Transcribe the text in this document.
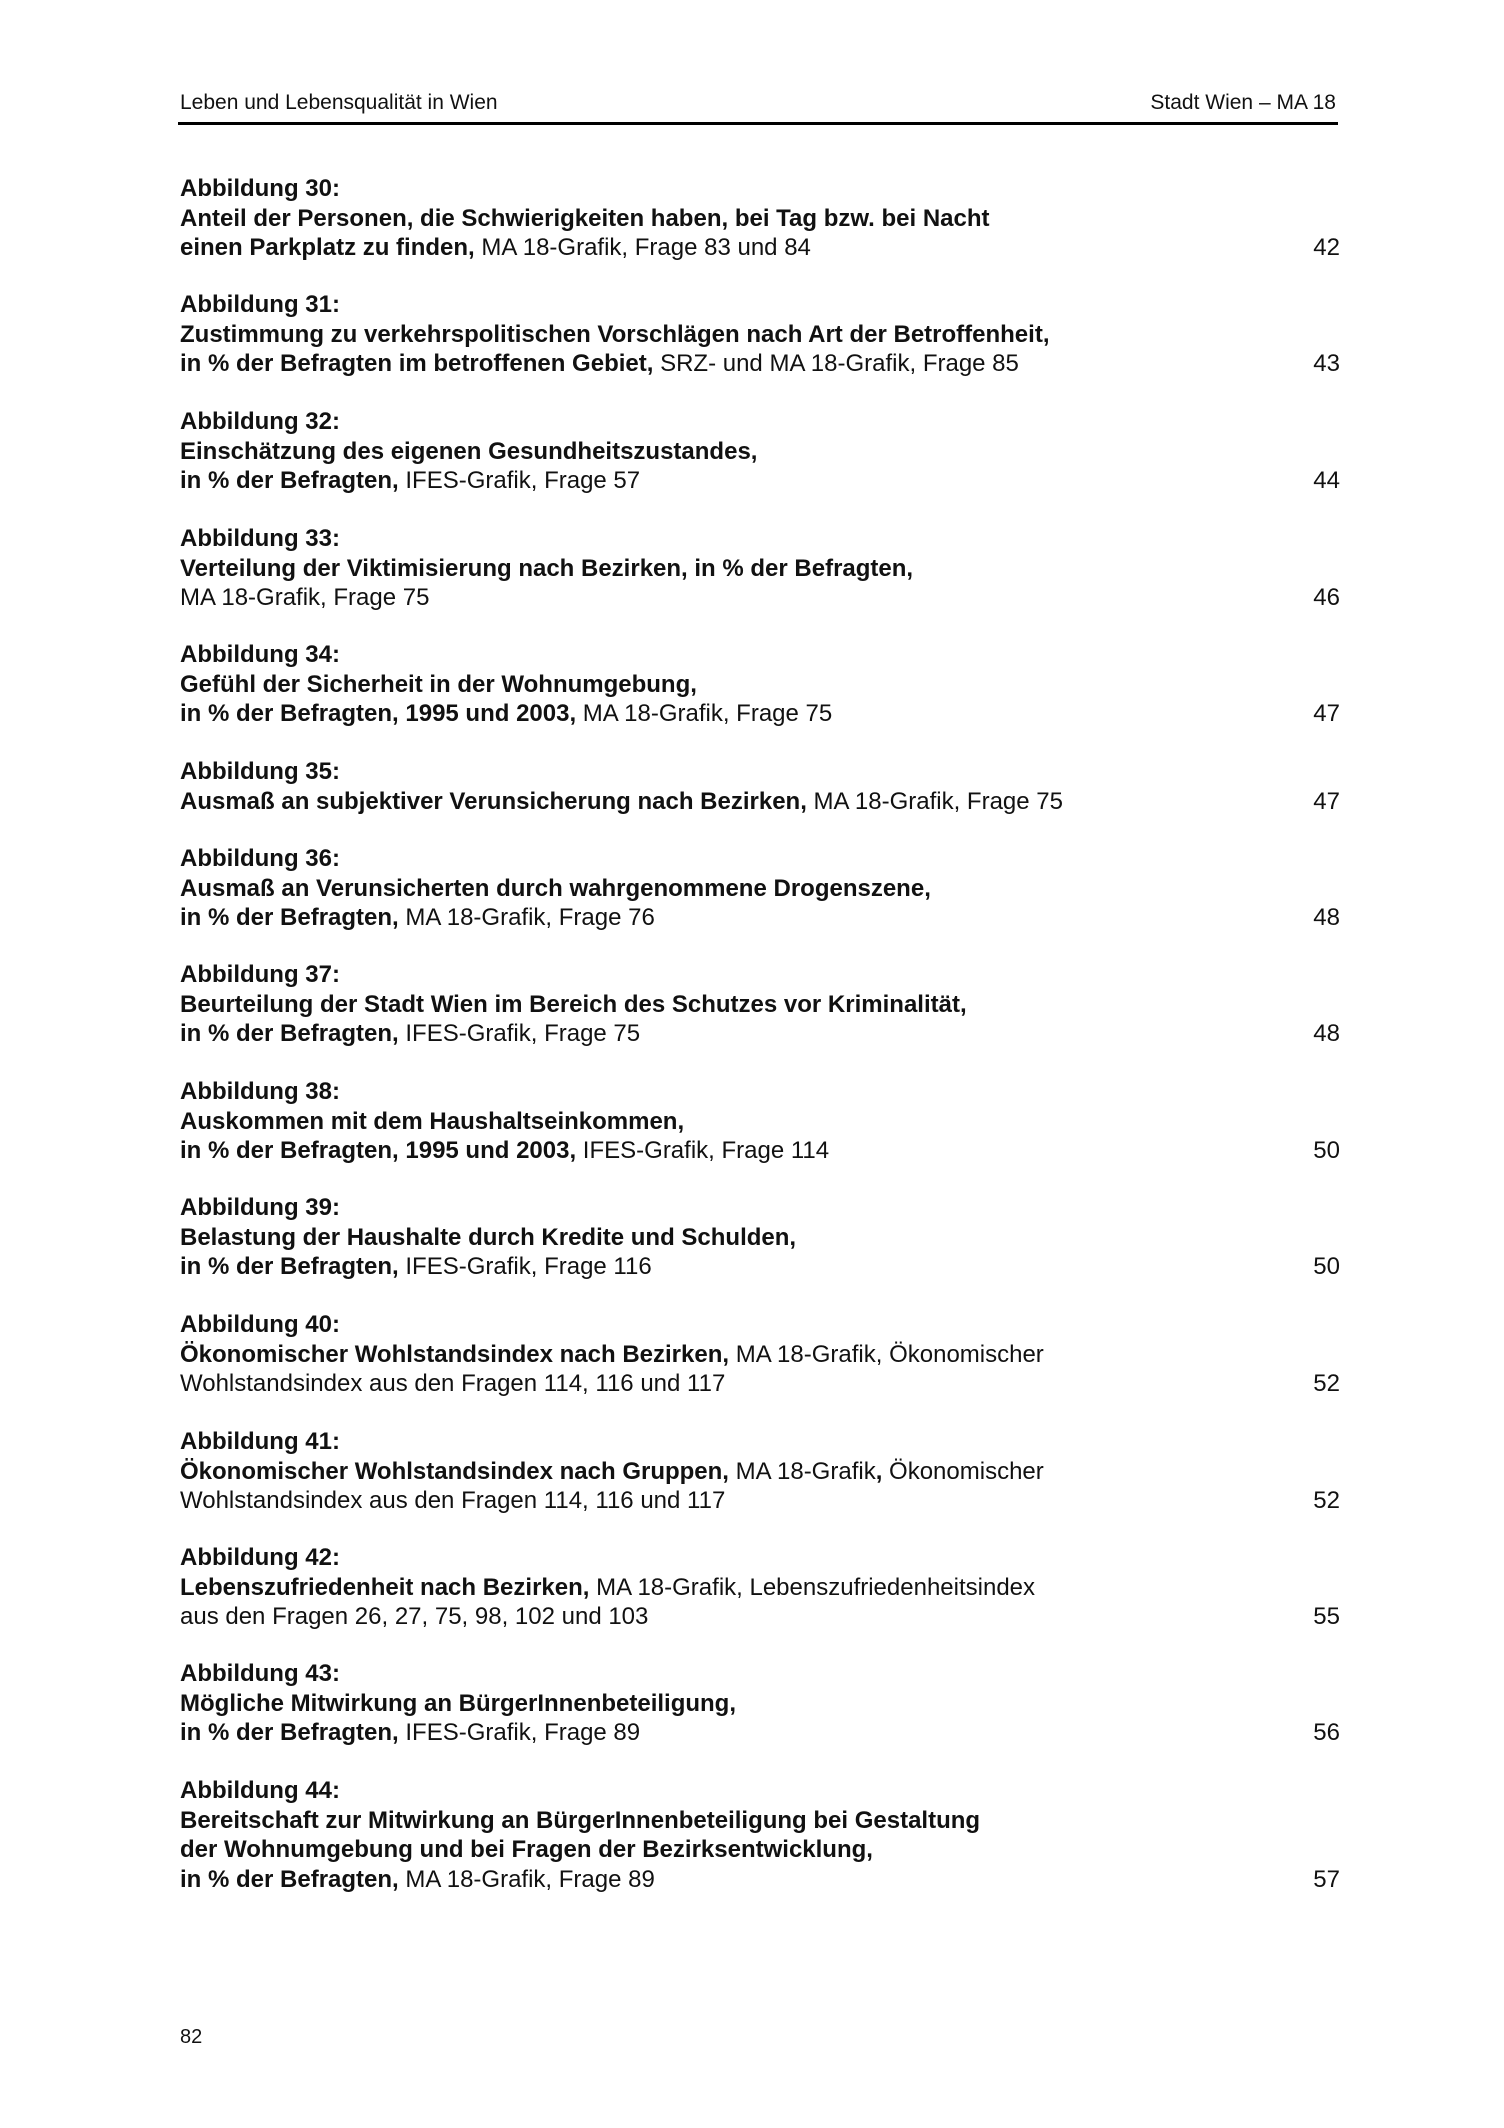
Leben und Lebensqualität in Wien	Stadt Wien – MA 18
Abbildung 30:
Anteil der Personen, die Schwierigkeiten haben, bei Tag bzw. bei Nacht
einen Parkplatz zu finden, MA 18-Grafik, Frage 83 und 84	42
Abbildung 31:
Zustimmung zu verkehrspolitischen Vorschlägen nach Art der Betroffenheit,
in % der Befragten im betroffenen Gebiet, SRZ- und MA 18-Grafik, Frage 85	43
Abbildung 32:
Einschätzung des eigenen Gesundheitszustandes,
in % der Befragten, IFES-Grafik, Frage 57	44
Abbildung 33:
Verteilung der Viktimisierung nach Bezirken, in % der Befragten,
MA 18-Grafik, Frage 75	46
Abbildung 34:
Gefühl der Sicherheit in der Wohnumgebung,
in % der Befragten, 1995 und 2003, MA 18-Grafik, Frage 75	47
Abbildung 35:
Ausmaß an subjektiver Verunsicherung nach Bezirken, MA 18-Grafik, Frage 75	47
Abbildung 36:
Ausmaß an Verunsicherten durch wahrgenommene Drogenszene,
in % der Befragten, MA 18-Grafik, Frage 76	48
Abbildung 37:
Beurteilung der Stadt Wien im Bereich des Schutzes vor Kriminalität,
in % der Befragten, IFES-Grafik, Frage 75	48
Abbildung 38:
Auskommen mit dem Haushaltseinkommen,
in % der Befragten, 1995 und 2003, IFES-Grafik, Frage 114	50
Abbildung 39:
Belastung der Haushalte durch Kredite und Schulden,
in % der Befragten, IFES-Grafik, Frage 116	50
Abbildung 40:
Ökonomischer Wohlstandsindex nach Bezirken, MA 18-Grafik, Ökonomischer
Wohlstandsindex aus den Fragen 114, 116 und 117	52
Abbildung 41:
Ökonomischer Wohlstandsindex nach Gruppen, MA 18-Grafik, Ökonomischer
Wohlstandsindex aus den Fragen 114, 116 und 117	52
Abbildung 42:
Lebenszufriedenheit nach Bezirken, MA 18-Grafik, Lebenszufriedenheitsindex
aus den Fragen 26, 27, 75, 98, 102 und 103	55
Abbildung 43:
Mögliche Mitwirkung an BürgerInnenbeteiligung,
in % der Befragten, IFES-Grafik, Frage 89	56
Abbildung 44:
Bereitschaft zur Mitwirkung an BürgerInnenbeteiligung bei Gestaltung
der Wohnumgebung und bei Fragen der Bezirksentwicklung,
in % der Befragten, MA 18-Grafik, Frage 89	57
82
